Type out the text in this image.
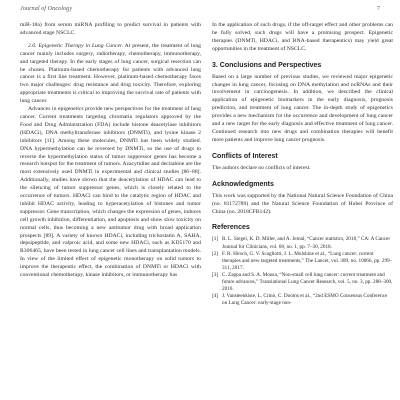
Journal of Oncology	7

miR-18a) from serum miRNA profiling to predict survival in patients with advanced stage NSCLC.

2.6. Epigenetic Therapy in Lung Cancer. At present, the treatment of lung cancer mainly includes surgery, radiotherapy, chemotherapy, immunotherapy, and targeted therapy. In the early stages of lung cancer, surgical resection can be chosen. Platinum-based chemotherapy for patients with advanced lung cancer is a first line treatment. However, platinum-based chemotherapy faces two major challenges: drug resistance and drug toxicity. Therefore, exploring appropriate treatments is critical to improving the survival rate of patients with lung cancer.

Advances in epigenetics provide new perspectives for the treatment of lung cancer. Current treatments targeting chromatin regulators approved by the Food and Drug Administration (FDA) include histone deacetylase inhibitors (HDACi), DNA methyltransferase inhibitors (DNMTi), and lysine kinase 2 inhibitors [11]. Among these molecules, DNMTi has been widely studied. DNA hypermethylation can be reversed by DNMTi, so the use of drugs to reverse the hypermethylation status of tumor suppressor genes has become a research hotspot for the treatment of tumors. Azacytidine and decitabine are the most extensively used DNMTi in experimental and clinical studies [86–88]. Additionally, studies have shown that the deacetylation of HDAC can lead to the silencing of tumor suppressor genes, which is closely related to the occurrence of tumors. HDACi can bind to the catalytic region of HDAC and inhibit HDAC activity, leading to hyperacetylation of histones and tumor suppressor. Gene transcription, which changes the expression of genes, induces cell growth inhibition, differentiation, and apoptosis and show slow toxicity on normal cells, thus becoming a new antitumor drug with broad application prospects [89]. A variety of known HDACi, including trichostatin A, SAHA, depsipeptide, and valproic acid, and some new HDACi, such as KD5170 and R306465, have been tested in lung cancer cell lines and transplantation models. In view of the limited effect of epigenetic monotherapy on solid tumors to improve the therapeutic effect, the combination of DNMTi or HDACi with conventional chemotherapy, kinase inhibitors, or immunotherapy has

In the application of such drugs, if the off-target effect and other problems can be fully solved, such drugs will have a promising prospect. Epigenetic therapies (DNMTi, HDACi, and RNA-based therapeutics) may yield great opportunities in the treatment of NSCLC.

3. Conclusions and Perspectives

Based on a large number of previous studies, we reviewed major epigenetic changes in lung cancer, focusing on DNA methylation and ncRNAs and their involvement in carcinogenesis. In addition, we described the clinical application of epigenetic biomarkers in the early diagnosis, prognosis prediction, and treatment of lung cancer. The in-depth study of epigenetics provides a new mechanism for the occurrence and development of lung cancer and a new target for the early diagnosis and effective treatment of lung cancer. Continued research into new drugs and combination therapies will benefit more patients and improve lung cancer prognosis.

Conflicts of Interest

The authors declare no conflicts of interest.

Acknowledgments

This work was supported by the National Natural Science Foundation of China (no. 81172789) and the Natural Science Foundation of Hubei Province of China (no. 2018CFB142).

References

[1] R. L. Siegel, K. D. Miller, and A. Jemal, “Cancer statistics, 2018,” CA: A Cancer Journal for Clinicians, vol. 68, no. 1, pp. 7–30, 2018.

[2] F. R. Hirsch, G. V. Scagliotti, J. L. Mulshine et al., “Lung cancer: current therapies and new targeted treatments,” The Lancet, vol. 389, no. 10066, pp. 299–311, 2017.

[3] C. Zappa and S. A. Mousa, “Non-small cell lung cancer: current treatment and future advances,” Translational Lung Cancer Research, vol. 5, no. 3, pp. 288–300, 2016.

[4] J. Vansteenkiste, L. Crinò, C. Dooms et al., “2nd ESMO Consensus Conference on Lung Cancer: early-stage non-
